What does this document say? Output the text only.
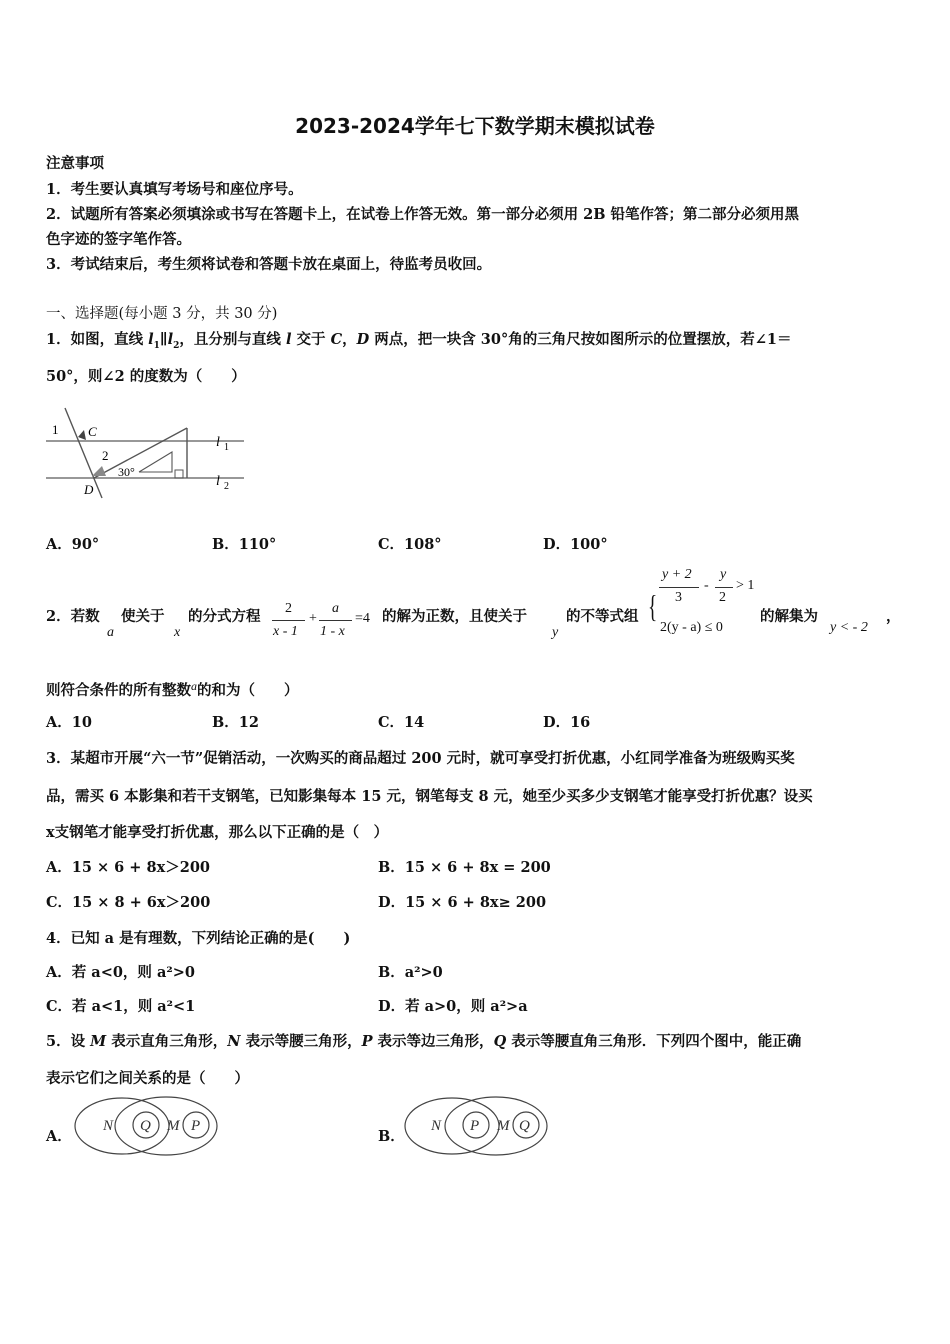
2023-2024学年七下数学期末模拟试卷
注意事项
1．考生要认真填写考场号和座位序号。
2．试题所有答案必须填涂或书写在答题卡上，在试卷上作答无效。第一部分必须用 2B 铅笔作答；第二部分必须用黑
色字迹的签字笔作答。
3．考试结束后，考生须将试卷和答题卡放在桌面上，待监考员收回。
一、选择题(每小题 3 分，共 30 分)
1．如图，直线 $l_1\parallel l_2$，且分别与直线 l 交于 C，D 两点，把一块含 30°角的三角尺按如图所示的位置摆放，若∠1＝
50°，则∠2 的度数为（　　）
1 C
2
30°
D
l 1
l 2
A．90°	B．110°	C．108°	D．100°
2．若数
a
使关于
x
的分式方程 2
x - 1
+
a
1 - x
=4 的解为正数，且使关于
y
的不等式组 {
y + 2
3
-
y
2
> 1
2(y - a) ≤ 0
的解集为
y < - 2
，
则符合条件的所有整数$^a$的和为（　　）
A．10	B．12	C．14	D．16
3．某超市开展“六一节”促销活动，一次购买的商品超过 200 元时，就可享受打折优惠，小红同学准备为班级购买奖
品，需买 6 本影集和若干支钢笔，已知影集每本 15 元，钢笔每支 8 元，她至少买多少支钢笔才能享受打折优惠？设买
x支钢笔才能享受打折优惠，那么以下正确的是（　）
A．15 × 6 + 8x＞200	B．15 × 6 + 8x = 200
C．15 × 8 + 6x＞200	D．15 × 6 + 8x≥ 200
4．已知 a 是有理数，下列结论正确的是(　　)
A．若 a<0，则 a²>0	B．a²>0
C．若 a<1，则 a²<1	D．若 a>0，则 a²>a
5．设 M 表示直角三角形，N 表示等腰三角形，P 表示等边三角形，Q 表示等腰直角三角形．下列四个图中，能正确
表示它们之间关系的是（　　）
A．
N Q M P
B．
N P M Q
